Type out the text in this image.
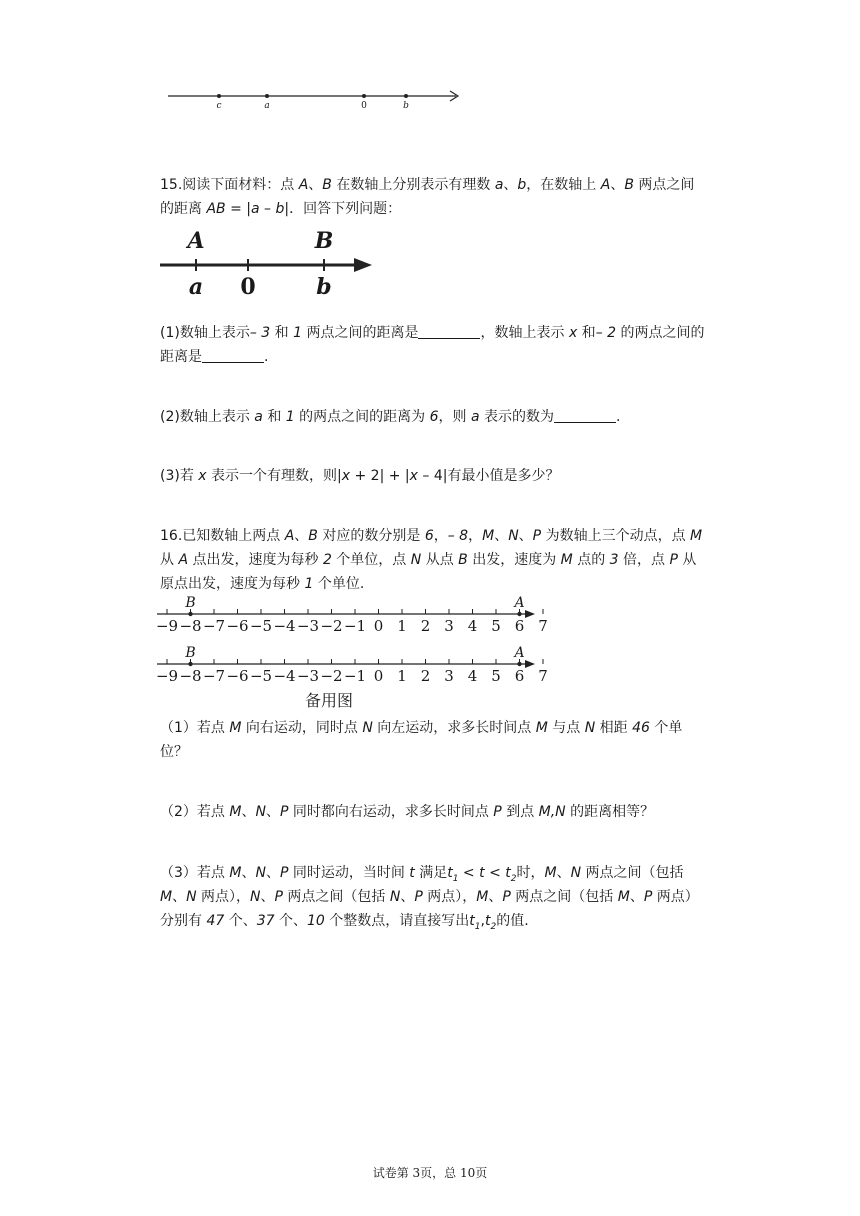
c	a	0	b
15.阅读下面材料：点 A、B 在数轴上分别表示有理数 a、b，在数轴上 A、B 两点之间
的距离 AB = |a – b|．回答下列问题：
A	B
a 0	b
(1)数轴上表示– 3 和 1 两点之间的距离是	，数轴上表示 x 和– 2 的两点之间的
距离是	.
(2)数轴上表示 a 和 1 的两点之间的距离为 6，则 a 表示的数为	.
(3)若 x 表示一个有理数，则|x + 2| + |x – 4|有最小值是多少？
16.已知数轴上两点 A、B 对应的数分别是 6，– 8，M、N、P 为数轴上三个动点，点 M
从 A 点出发，速度为每秒 2 个单位，点 N 从点 B 出发，速度为 M 点的 3 倍，点 P 从
原点出发，速度为每秒 1 个单位.
−9 −8 −7 −6 −5 −4 −3 −2 −1 0 1 2 3 4 5 6 7
B	A
−9 −8 −7 −6 −5 −4 −3 −2 −1 0 1 2 3 4 5 6 7
B	A
备用图
（1）若点 M 向右运动，同时点 N 向左运动，求多长时间点 M 与点 N 相距 46 个单
位？
（2）若点 M、N、P 同时都向右运动，求多长时间点 P 到点 M,N 的距离相等？
（3）若点 M、N、P 同时运动，当时间 t 满足$t_1 < t < t_2$时，M、N 两点之间（包括
M、N 两点），N、P 两点之间（包括 N、P 两点），M、P 两点之间（包括 M、P 两点）
分别有 47 个、37 个、10 个整数点，请直接写出$t_1,t_2$的值.
试卷第 3页，总 10页
